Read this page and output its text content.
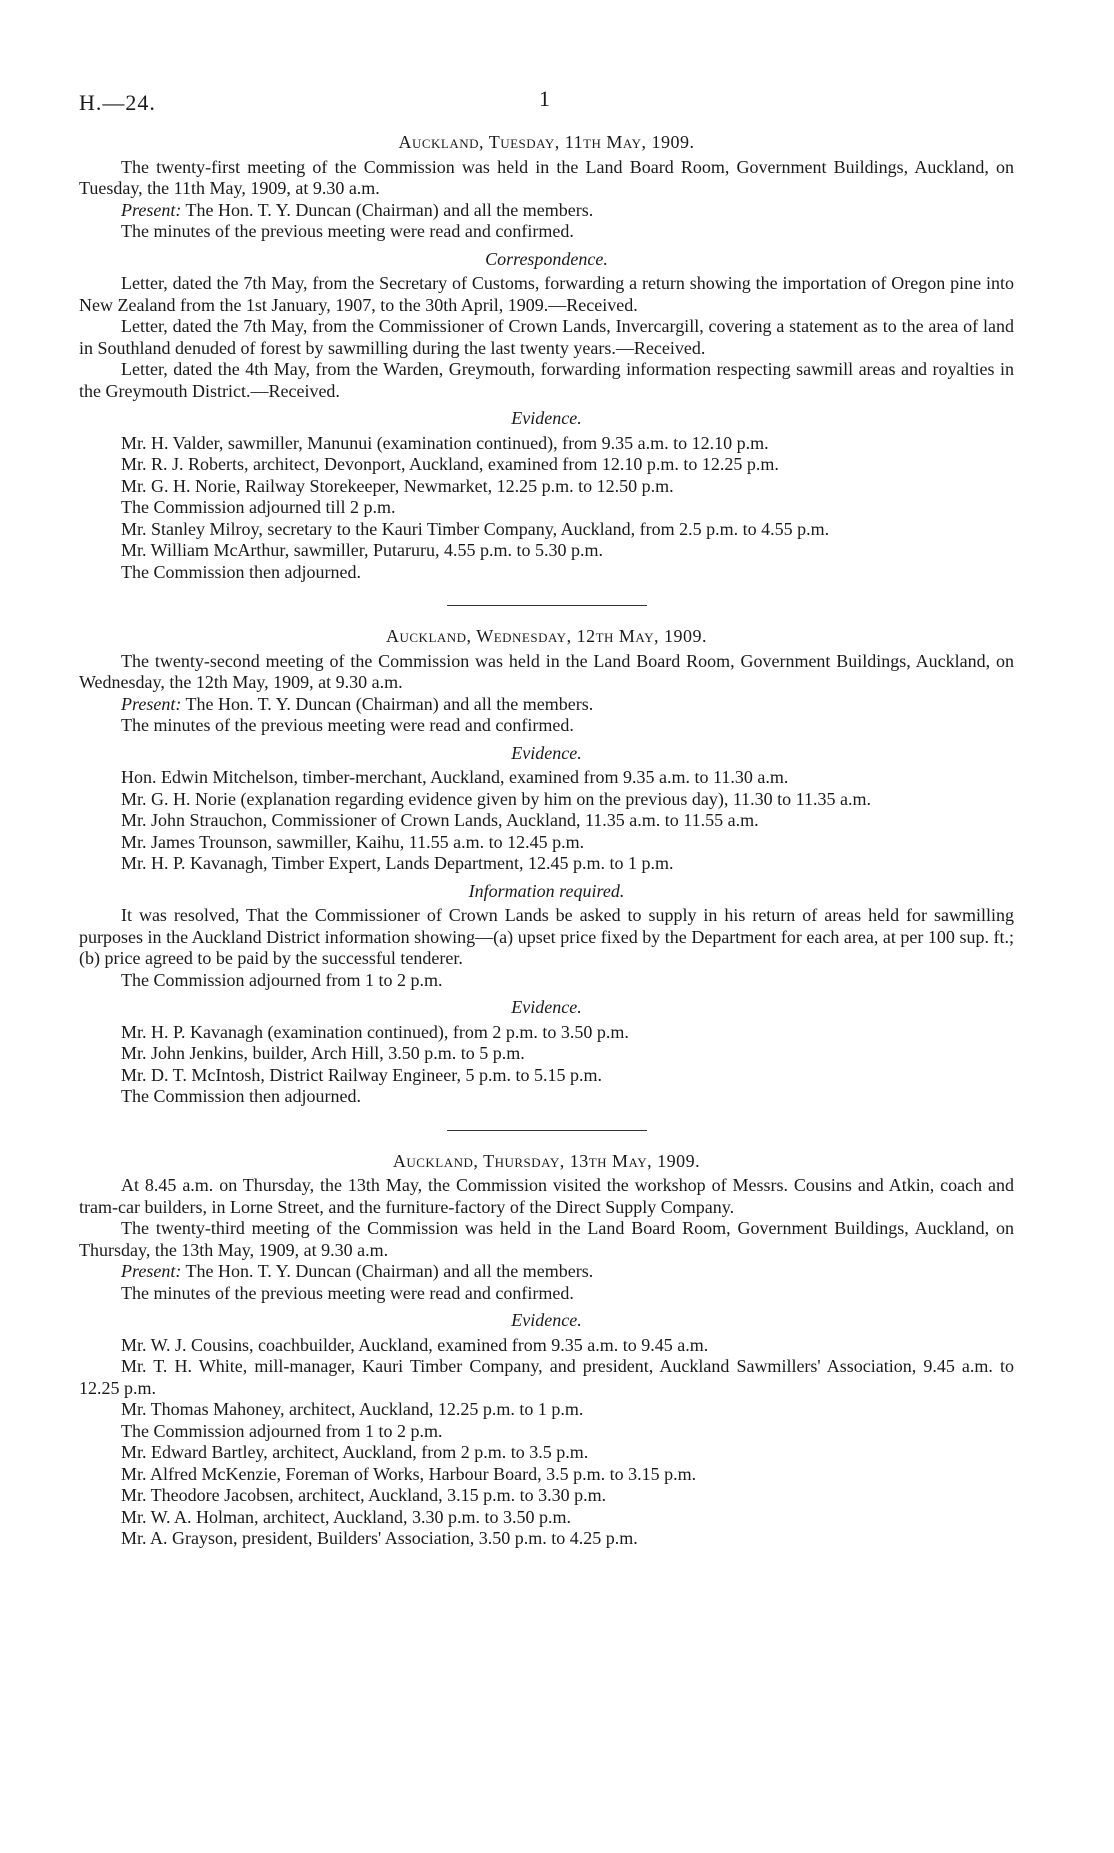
H.—24.	1
Auckland, Tuesday, 11th May, 1909.

The twenty-first meeting of the Commission was held in the Land Board Room, Government Buildings, Auckland, on Tuesday, the 11th May, 1909, at 9.30 a.m.

Present: The Hon. T. Y. Duncan (Chairman) and all the members.

The minutes of the previous meeting were read and confirmed.

Correspondence.

Letter, dated the 7th May, from the Secretary of Customs, forwarding a return showing the importation of Oregon pine into New Zealand from the 1st January, 1907, to the 30th April, 1909.—Received.

Letter, dated the 7th May, from the Commissioner of Crown Lands, Invercargill, covering a statement as to the area of land in Southland denuded of forest by sawmilling during the last twenty years.—Received.

Letter, dated the 4th May, from the Warden, Greymouth, forwarding information respecting sawmill areas and royalties in the Greymouth District.—Received.

Evidence.

Mr. H. Valder, sawmiller, Manunui (examination continued), from 9.35 a.m. to 12.10 p.m.

Mr. R. J. Roberts, architect, Devonport, Auckland, examined from 12.10 p.m. to 12.25 p.m.

Mr. G. H. Norie, Railway Storekeeper, Newmarket, 12.25 p.m. to 12.50 p.m.

The Commission adjourned till 2 p.m.

Mr. Stanley Milroy, secretary to the Kauri Timber Company, Auckland, from 2.5 p.m. to 4.55 p.m.

Mr. William McArthur, sawmiller, Putaruru, 4.55 p.m. to 5.30 p.m.

The Commission then adjourned.

Auckland, Wednesday, 12th May, 1909.

The twenty-second meeting of the Commission was held in the Land Board Room, Government Buildings, Auckland, on Wednesday, the 12th May, 1909, at 9.30 a.m.

Present: The Hon. T. Y. Duncan (Chairman) and all the members.

The minutes of the previous meeting were read and confirmed.

Evidence.

Hon. Edwin Mitchelson, timber-merchant, Auckland, examined from 9.35 a.m. to 11.30 a.m.

Mr. G. H. Norie (explanation regarding evidence given by him on the previous day), 11.30 to 11.35 a.m.

Mr. John Strauchon, Commissioner of Crown Lands, Auckland, 11.35 a.m. to 11.55 a.m.

Mr. James Trounson, sawmiller, Kaihu, 11.55 a.m. to 12.45 p.m.

Mr. H. P. Kavanagh, Timber Expert, Lands Department, 12.45 p.m. to 1 p.m.

Information required.

It was resolved, That the Commissioner of Crown Lands be asked to supply in his return of areas held for sawmilling purposes in the Auckland District information showing—(a) upset price fixed by the Department for each area, at per 100 sup. ft.; (b) price agreed to be paid by the successful tenderer.

The Commission adjourned from 1 to 2 p.m.

Evidence.

Mr. H. P. Kavanagh (examination continued), from 2 p.m. to 3.50 p.m.

Mr. John Jenkins, builder, Arch Hill, 3.50 p.m. to 5 p.m.

Mr. D. T. McIntosh, District Railway Engineer, 5 p.m. to 5.15 p.m.

The Commission then adjourned.

Auckland, Thursday, 13th May, 1909.

At 8.45 a.m. on Thursday, the 13th May, the Commission visited the workshop of Messrs. Cousins and Atkin, coach and tram-car builders, in Lorne Street, and the furniture-factory of the Direct Supply Company.

The twenty-third meeting of the Commission was held in the Land Board Room, Government Buildings, Auckland, on Thursday, the 13th May, 1909, at 9.30 a.m.

Present: The Hon. T. Y. Duncan (Chairman) and all the members.

The minutes of the previous meeting were read and confirmed.

Evidence.

Mr. W. J. Cousins, coachbuilder, Auckland, examined from 9.35 a.m. to 9.45 a.m.

Mr. T. H. White, mill-manager, Kauri Timber Company, and president, Auckland Sawmillers' Association, 9.45 a.m. to 12.25 p.m.

Mr. Thomas Mahoney, architect, Auckland, 12.25 p.m. to 1 p.m.

The Commission adjourned from 1 to 2 p.m.

Mr. Edward Bartley, architect, Auckland, from 2 p.m. to 3.5 p.m.

Mr. Alfred McKenzie, Foreman of Works, Harbour Board, 3.5 p.m. to 3.15 p.m.

Mr. Theodore Jacobsen, architect, Auckland, 3.15 p.m. to 3.30 p.m.

Mr. W. A. Holman, architect, Auckland, 3.30 p.m. to 3.50 p.m.

Mr. A. Grayson, president, Builders' Association, 3.50 p.m. to 4.25 p.m.
